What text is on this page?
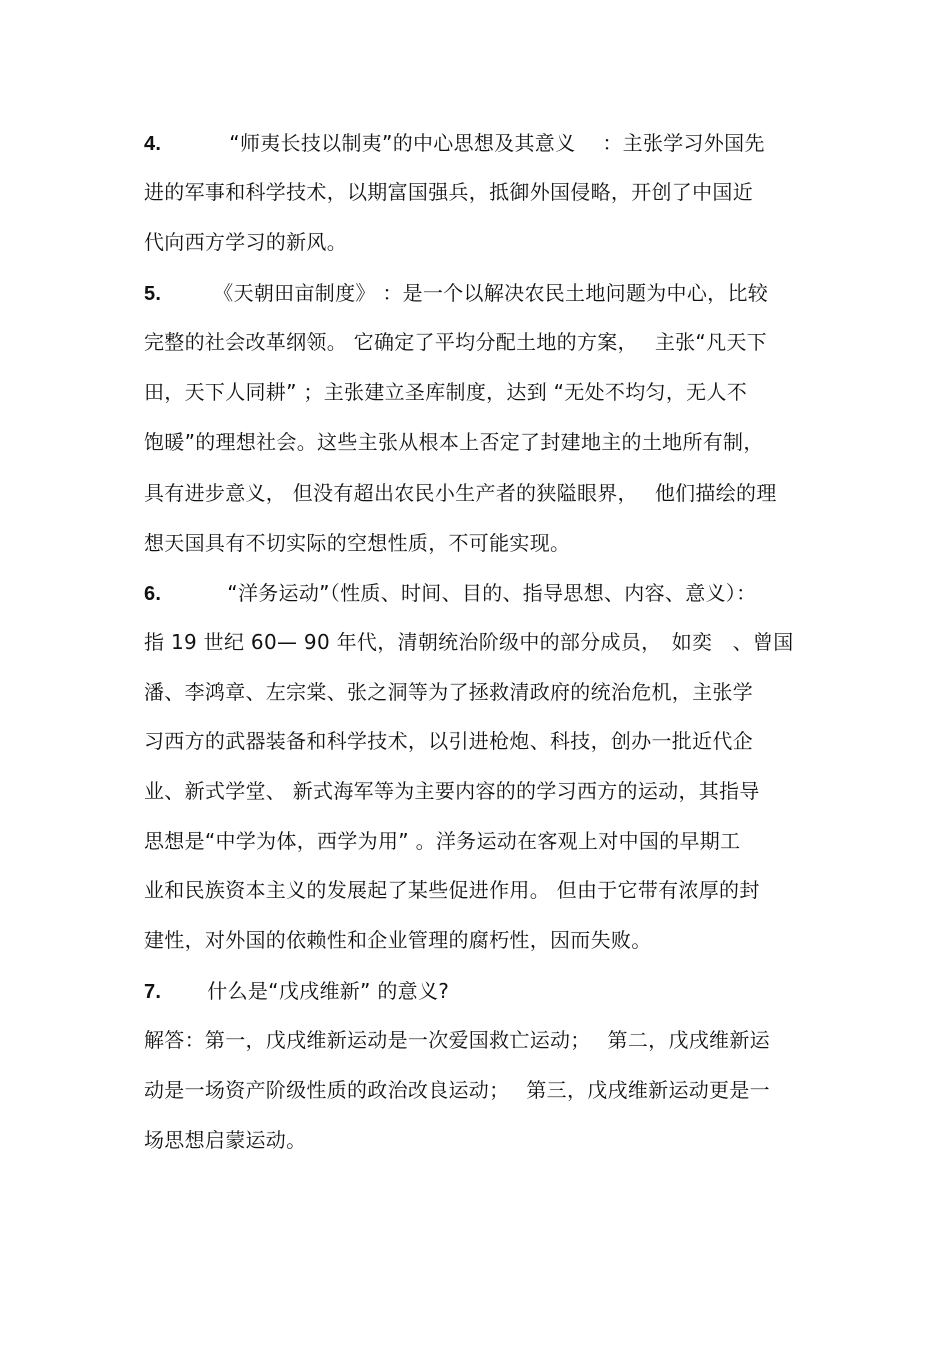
4.	“师夷长技以制夷”的中心思想及其意义　 ：主张学习外国先
进的军事和科学技术，以期富国强兵，抵御外国侵略，开创了中国近
代向西方学习的新风。
5.	《天朝田亩制度》 ：是一个以解决农民土地问题为中心，比较
完整的社会改革纲领。 它确定了平均分配土地的方案，　 主张“凡天下
田，天下人同耕” ；主张建立圣库制度，达到 “无处不均匀，无人不
饱暖”的理想社会。这些主张从根本上否定了封建地主的土地所有制，
具有进步意义， 但没有超出农民小生产者的狭隘眼界，　 他们描绘的理
想天国具有不切实际的空想性质，不可能实现。
6.	“洋务运动”（性质、时间、目的、指导思想、内容、意义）：
指 19 世纪 60— 90 年代，清朝统治阶级中的部分成员，　如奕　、曾国
潘、李鸿章、左宗棠、张之洞等为了拯救清政府的统治危机，主张学
习西方的武器装备和科学技术，以引进枪炮、科技，创办一批近代企
业、新式学堂、 新式海军等为主要内容的的学习西方的运动，其指导
思想是“中学为体，西学为用” 。洋务运动在客观上对中国的早期工
业和民族资本主义的发展起了某些促进作用。 但由于它带有浓厚的封
建性，对外国的依赖性和企业管理的腐朽性，因而失败。
7. 什么是“戊戌维新” 的意义?
解答：第一，戊戌维新运动是一次爱国救亡运动；　 第二，戊戌维新运
动是一场资产阶级性质的政治改良运动；　 第三，戊戌维新运动更是一
场思想启蒙运动。
